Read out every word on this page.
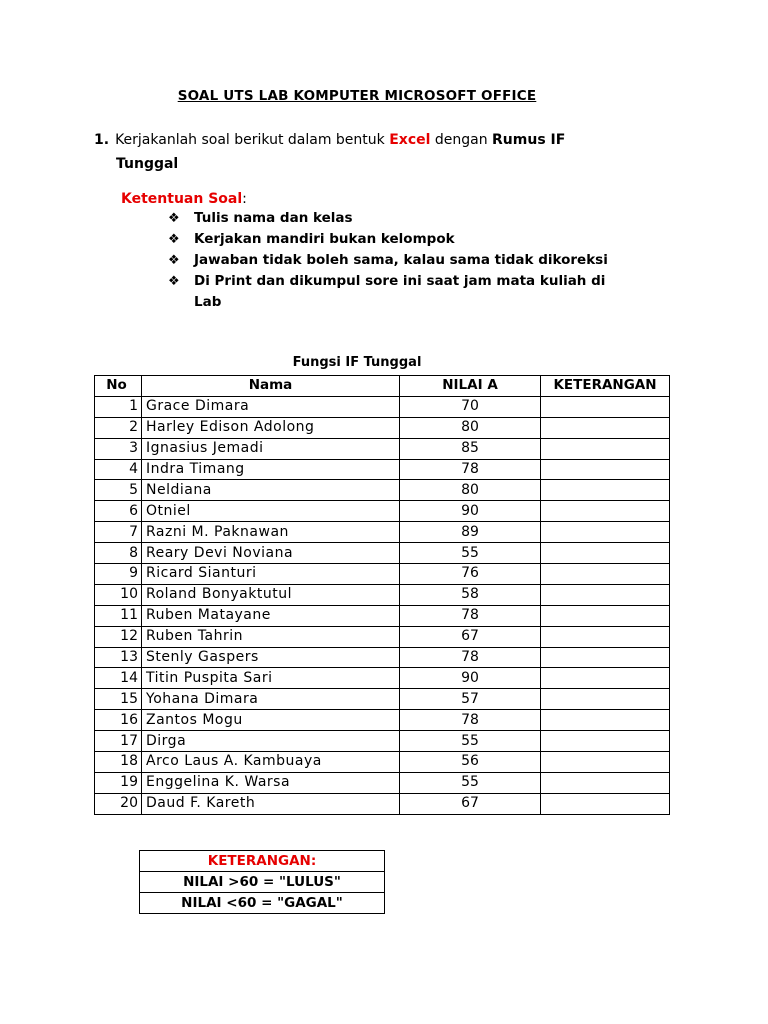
SOAL UTS LAB KOMPUTER MICROSOFT OFFICE
1. Kerjakanlah soal berikut dalam bentuk Excel dengan Rumus IF
Tunggal
Ketentuan Soal:
❖ Tulis nama dan kelas
❖ Kerjakan mandiri bukan kelompok
❖ Jawaban tidak boleh sama, kalau sama tidak dikoreksi
❖ Di Print dan dikumpul sore ini saat jam mata kuliah di Lab
Fungsi IF Tunggal
No	Nama	NILAI A	KETERANGAN
1	Grace Dimara	70	
2	Harley Edison Adolong	80	
3	Ignasius Jemadi	85	
4	Indra Timang	78	
5	Neldiana	80	
6	Otniel	90	
7	Razni M. Paknawan	89	
8	Reary Devi Noviana	55	
9	Ricard Sianturi	76	
10	Roland Bonyaktutul	58	
11	Ruben Matayane	78	
12	Ruben Tahrin	67	
13	Stenly Gaspers	78	
14	Titin Puspita Sari	90	
15	Yohana Dimara	57	
16	Zantos Mogu	78	
17	Dirga	55	
18	Arco Laus A. Kambuaya	56	
19	Enggelina K. Warsa	55	
20	Daud F. Kareth	67	
KETERANGAN:
NILAI >60 = "LULUS"
NILAI <60 = "GAGAL"
